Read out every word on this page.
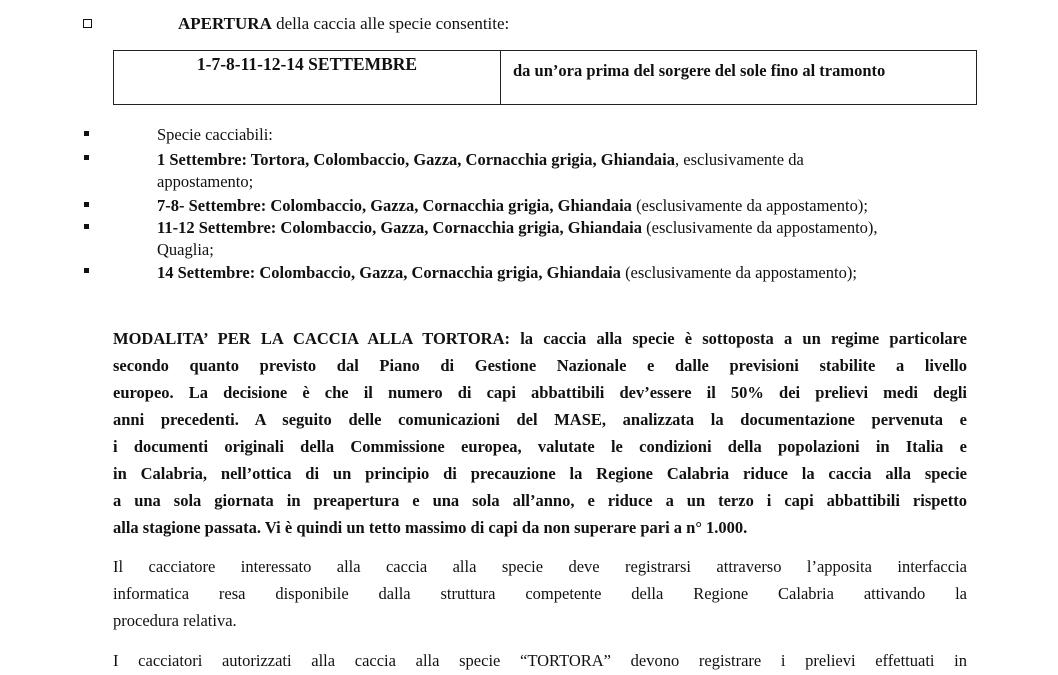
APERTURA della caccia alle specie consentite:
1-7-8-11-12-14 SETTEMBRE	da un’ora prima del sorgere del sole fino al tramonto
Specie cacciabili:
1 Settembre: Tortora, Colombaccio, Gazza, Cornacchia grigia, Ghiandaia, esclusivamente da
appostamento;
7-8- Settembre: Colombaccio, Gazza, Cornacchia grigia, Ghiandaia (esclusivamente da appostamento);
11-12 Settembre: Colombaccio, Gazza, Cornacchia grigia, Ghiandaia (esclusivamente da appostamento),
Quaglia;
14 Settembre: Colombaccio, Gazza, Cornacchia grigia, Ghiandaia (esclusivamente da appostamento);
MODALITA’ PER LA CACCIA ALLA TORTORA: la caccia alla specie è sottoposta a un regime particolare
secondo quanto previsto dal Piano di Gestione Nazionale e dalle previsioni stabilite a livello
europeo. La decisione è che il numero di capi abbattibili dev’essere il 50% dei prelievi medi degli
anni precedenti. A seguito delle comunicazioni del MASE, analizzata la documentazione pervenuta e
i documenti originali della Commissione europea, valutate le condizioni della popolazioni in Italia e
in Calabria, nell’ottica di un principio di precauzione la Regione Calabria riduce la caccia alla specie
a una sola giornata in preapertura e una sola all’anno, e riduce a un terzo i capi abbattibili rispetto
alla stagione passata. Vi è quindi un tetto massimo di capi da non superare pari a n° 1.000.
Il cacciatore interessato alla caccia alla specie deve registrarsi attraverso l’apposita interfaccia
informatica resa disponibile dalla struttura competente della Regione Calabria attivando la
procedura relativa.
I cacciatori autorizzati alla caccia alla specie “TORTORA” devono registrare i prelievi effettuati in
